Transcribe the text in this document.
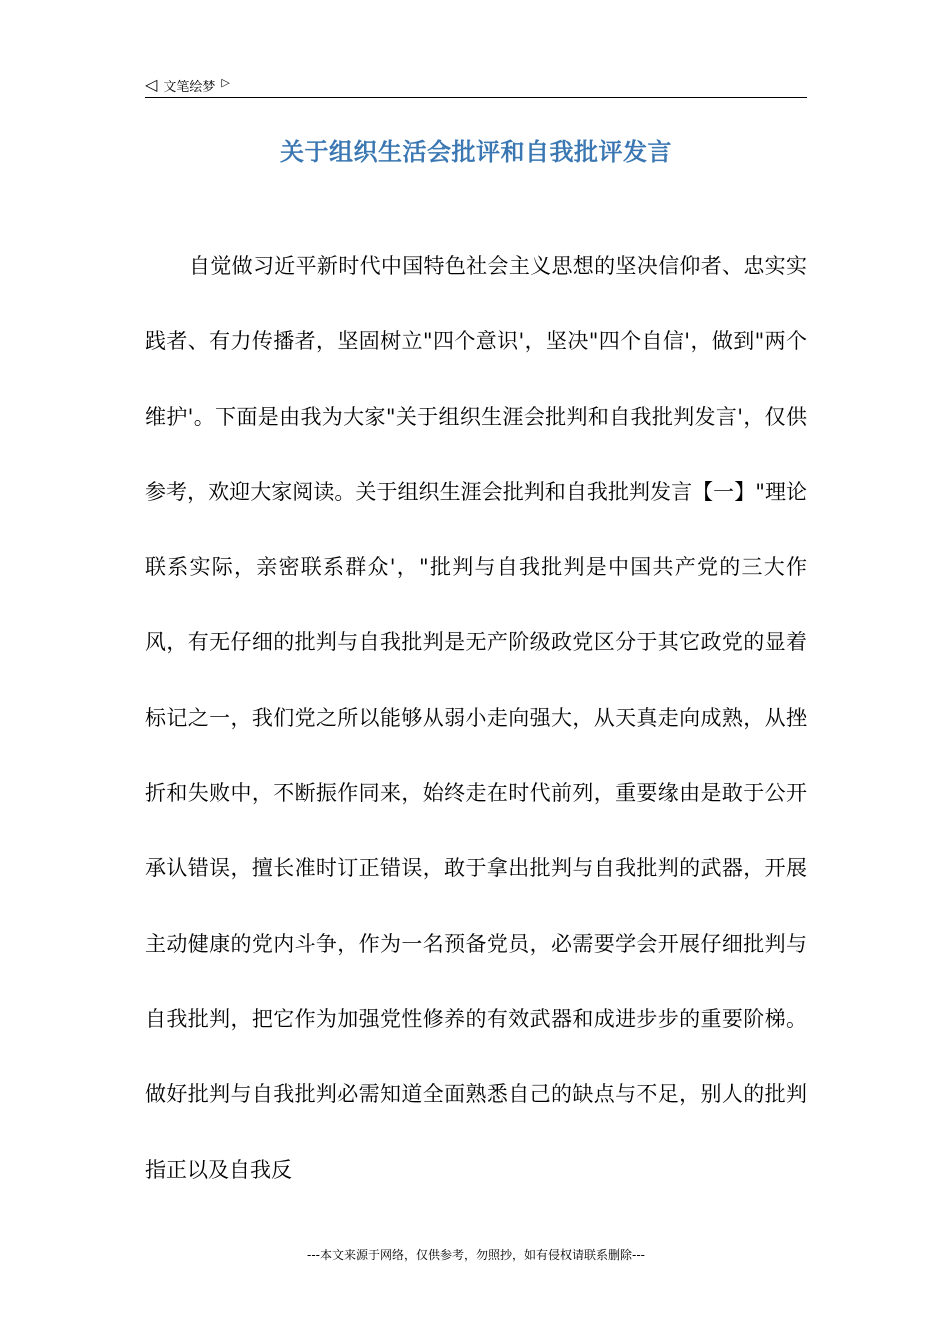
◁ 文笔绘梦 ▷
关于组织生活会批评和自我批评发言

自觉做习近平新时代中国特色社会主义思想的坚决信仰者、忠实实践者、有力传播者，坚固树立"四个意识'，坚决"四个自信'，做到"两个维护'。下面是由我为大家"关于组织生涯会批判和自我批判发言'，仅供参考，欢迎大家阅读。关于组织生涯会批判和自我批判发言【一】"理论联系实际，亲密联系群众'，"批判与自我批判是中国共产党的三大作风，有无仔细的批判与自我批判是无产阶级政党区分于其它政党的显着标记之一，我们党之所以能够从弱小走向强大，从天真走向成熟，从挫折和失败中，不断振作同来，始终走在时代前列，重要缘由是敢于公开承认错误，擅长准时订正错误，敢于拿出批判与自我批判的武器，开展主动健康的党内斗争，作为一名预备党员，必需要学会开展仔细批判与自我批判，把它作为加强党性修养的有效武器和成进步步的重要阶梯。做好批判与自我批判必需知道全面熟悉自己的缺点与不足，别人的批判指正以及自我反

---本文来源于网络，仅供参考，勿照抄，如有侵权请联系删除---
